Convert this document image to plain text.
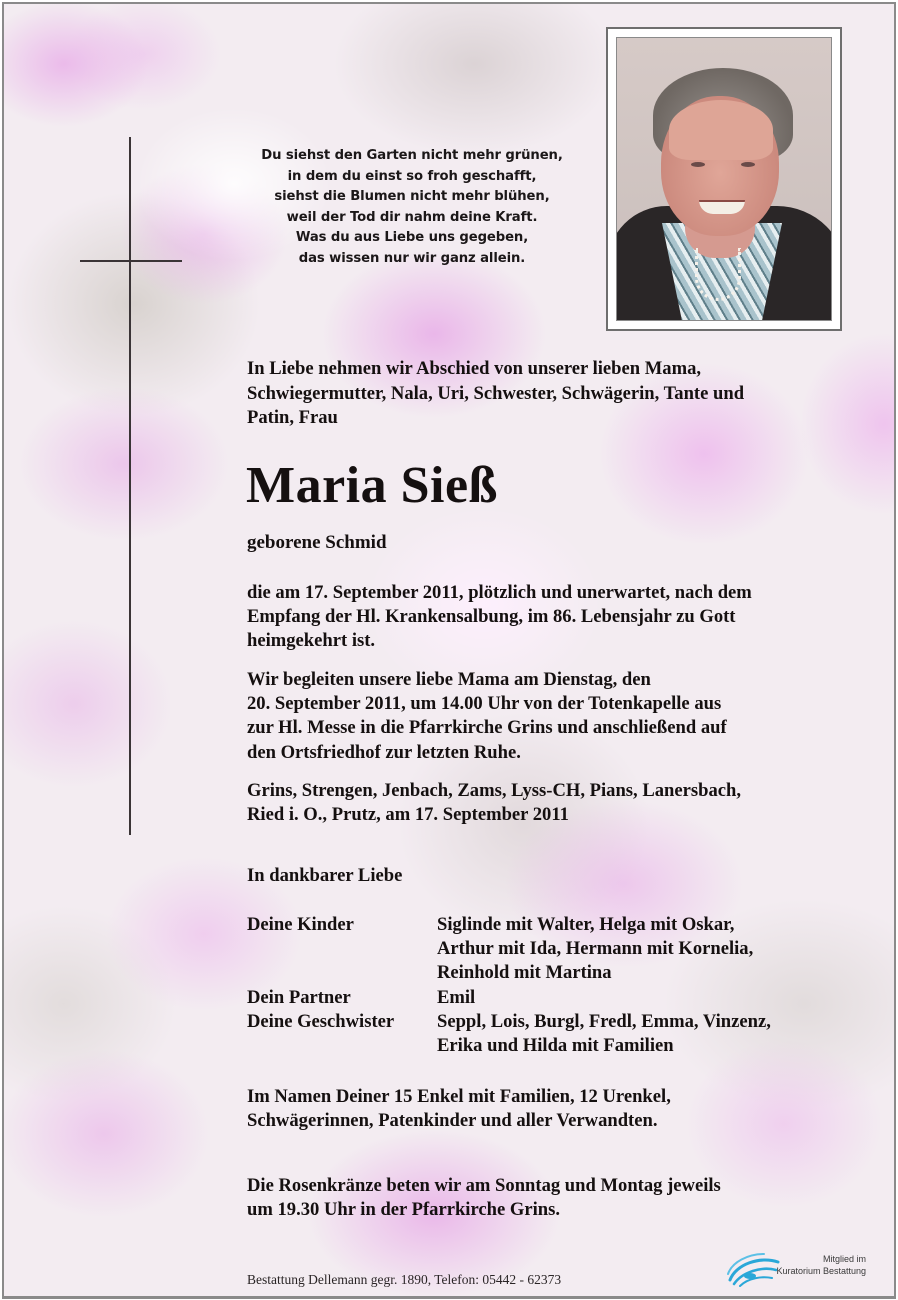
Du siehst den Garten nicht mehr grünen,
in dem du einst so froh geschafft,
siehst die Blumen nicht mehr blühen,
weil der Tod dir nahm deine Kraft.
Was du aus Liebe uns gegeben,
das wissen nur wir ganz allein.
In Liebe nehmen wir Abschied von unserer lieben Mama,
Schwiegermutter, Nala, Uri, Schwester, Schwägerin, Tante und
Patin, Frau
Maria Sieß
geborene Schmid
die am 17. September 2011, plötzlich und unerwartet, nach dem
Empfang der Hl. Krankensalbung, im 86. Lebensjahr zu Gott
heimgekehrt ist.
Wir begleiten unsere liebe Mama am Dienstag, den
20. September 2011, um 14.00 Uhr von der Totenkapelle aus
zur Hl. Messe in die Pfarrkirche Grins und anschließend auf
den Ortsfriedhof zur letzten Ruhe.
Grins, Strengen, Jenbach, Zams, Lyss-CH, Pians, Lanersbach,
Ried i. O., Prutz, am 17. September 2011
In dankbarer Liebe
Deine Kinder	Siglinde mit Walter, Helga mit Oskar,
Arthur mit Ida, Hermann mit Kornelia,
Reinhold mit Martina
Dein Partner	Emil
Deine Geschwister	Seppl, Lois, Burgl, Fredl, Emma, Vinzenz,
Erika und Hilda mit Familien
Im Namen Deiner 15 Enkel mit Familien, 12 Urenkel,
Schwägerinnen, Patenkinder und aller Verwandten.
Die Rosenkränze beten wir am Sonntag und Montag jeweils
um 19.30 Uhr in der Pfarrkirche Grins.
Bestattung Dellemann gegr. 1890, Telefon: 05442 - 62373
Mitglied im
Kuratorium Bestattung
